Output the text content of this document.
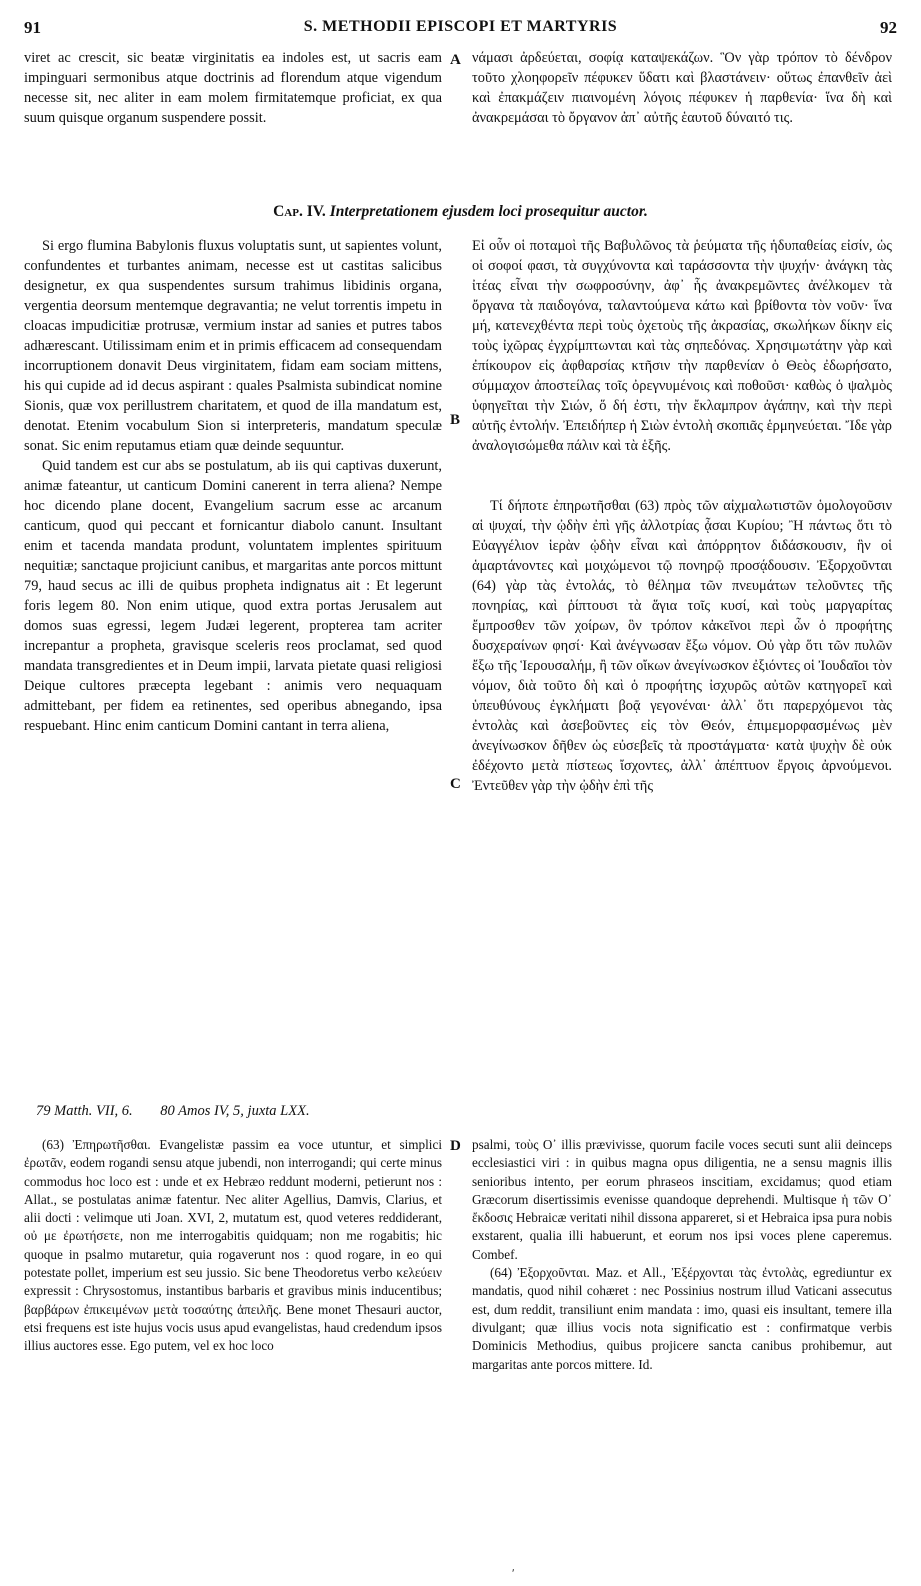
91	S. METHODII EPISCOPI ET MARTYRIS	92

viret ac crescit, sic beatæ virginitatis ea indoles est, ut sacris eam impinguari sermonibus atque doctrinis ad florendum atque vigendum necesse sit, nec aliter in eam molem firmitatemque proficiat, ex qua suum quisque organum suspendere possit.

A νάμασι ἀρδεύεται, σοφίᾳ καταψεκάζων. Ὃν γὰρ τρόπον τὸ δένδρον τοῦτο χλοηφορεῖν πέφυκεν ὕδατι καὶ βλαστάνειν· οὕτως ἐπανθεῖν ἀεὶ καὶ ἐπακμάζειν πιαινομένη λόγοις πέφυκεν ἡ παρθενία· ἵνα δὴ καὶ ἀνακρεμάσαι τὸ ὄργανον ἀπ᾽ αὐτῆς ἑαυτοῦ δύναιτό τις.

Cap. IV. Interpretationem ejusdem loci prosequitur auctor.

Si ergo flumina Babylonis fluxus voluptatis sunt, ut sapientes volunt, confundentes et turbantes animam, necesse est ut castitas salicibus designetur, ex qua suspendentes sursum trahimus libidinis organa, vergentia deorsum mentemque degravantia; ne velut torrentis impetu in cloacas impudicitiæ protrusæ, vermium instar ad sanies et putres tabos adhærescant. Utilissimam enim et in primis efficacem ad consequendam incorruptionem donavit Deus virginitatem, fidam eam sociam mittens, his qui cupide ad id decus aspirant : quales Psalmista subindicat nomine Sionis, quæ vox perillustrem charitatem, et quod de illa mandatum est, denotat. Etenim vocabulum Sion si interpreteris, mandatum speculæ sonat. Sic enim reputamus etiam quæ deinde sequuntur.

Quid tandem est cur abs se postulatum, ab iis qui captivas duxerunt, animæ fateantur, ut canticum Domini canerent in terra aliena? Nempe hoc dicendo plane docent, Evangelium sacrum esse ac arcanum canticum, quod qui peccant et fornicantur diabolo canunt. Insultant enim et tacenda mandata produnt, voluntatem implentes spirituum nequitiæ; sanctaque projiciunt canibus, et margaritas ante porcos mittunt 79, haud secus ac illi de quibus propheta indignatus ait : Et legerunt foris legem 80. Non enim utique, quod extra portas Jerusalem aut domos suas egressi, legem Judæi legerent, propterea tam acriter increpantur a propheta, gravisque sceleris reos proclamat, sed quod mandata transgredientes et in Deum impii, larvata pietate quasi religiosi Deique cultores præcepta legebant : animis vero nequaquam admittebant, per fidem ea retinentes, sed operibus abnegando, ipsa respuebant. Hinc enim canticum Domini cantant in terra aliena,

B
C

Εἰ οὖν οἱ ποταμοὶ τῆς Βαβυλῶνος τὰ ῥεύματα τῆς ἡδυπαθείας εἰσίν, ὡς οἱ σοφοί φασι, τὰ συγχύνοντα καὶ ταράσσοντα τὴν ψυχήν· ἀνάγκη τὰς ἰτέας εἶναι τὴν σωφροσύνην, ἀφ᾽ ἧς ἀνακρεμῶντες ἀνέλκομεν τὰ ὄργανα τὰ παιδογόνα, ταλαντούμενα κάτω καὶ βρίθοντα τὸν νοῦν· ἵνα μή, κατενεχθέντα περὶ τοὺς ὀχετοὺς τῆς ἀκρασίας, σκωλήκων δίκην εἰς τοὺς ἰχῶρας ἐγχρίμπτωνται καὶ τὰς σηπεδόνας. Χρησιμωτάτην γὰρ καὶ ἐπίκουρον εἰς ἀφθαρσίας κτῆσιν τὴν παρθενίαν ὁ Θεὸς ἐδωρήσατο, σύμμαχον ἀποστείλας τοῖς ὀρεγνυμένοις καὶ ποθοῦσι· καθὼς ὁ ψαλμὸς ὑφηγεῖται τὴν Σιών, ὅ δή ἐστι, τὴν ἔκλαμπρον ἀγάπην, καὶ τὴν περὶ αὐτῆς ἐντολήν. Ἐπειδήπερ ἡ Σιὼν ἐντολὴ σκοπιᾶς ἑρμηνεύεται. Ἴδε γὰρ ἀναλογισώμεθα πάλιν καὶ τὰ ἑξῆς.

Τί δήποτε ἐπηρωτῆσθαι (63) πρὸς τῶν αἰχμαλωτιστῶν ὁμολογοῦσιν αἱ ψυχαί, τὴν ᾠδὴν ἐπὶ γῆς ἀλλοτρίας ᾆσαι Κυρίου; Ἢ πάντως ὅτι τὸ Εὐαγγέλιον ἱερὰν ᾠδὴν εἶναι καὶ ἀπόρρητον διδάσκουσιν, ἣν οἱ ἁμαρτάνοντες καὶ μοιχώμενοι τῷ πονηρῷ προσᾴδουσιν. Ἐξορχοῦνται (64) γὰρ τὰς ἐντολάς, τὸ θέλημα τῶν πνευμάτων τελοῦντες τῆς πονηρίας, καὶ ῥίπτουσι τὰ ἅγια τοῖς κυσί, καὶ τοὺς μαργαρίτας ἔμπροσθεν τῶν χοίρων, ὃν τρόπον κἀκεῖνοι περὶ ὧν ὁ προφήτης δυσχεραίνων φησί· Καὶ ἀνέγνωσαν ἔξω νόμον. Οὐ γὰρ ὅτι τῶν πυλῶν ἔξω τῆς Ἱερουσαλήμ, ἢ τῶν οἴκων ἀνεγίνωσκον ἐξιόντες οἱ Ἰουδαῖοι τὸν νόμον, διὰ τοῦτο δὴ καὶ ὁ προφήτης ἰσχυρῶς αὐτῶν κατηγορεῖ καὶ ὑπευθύνους ἐγκλήματι βοᾷ γεγονέναι· ἀλλ᾽ ὅτι παρερχόμενοι τὰς ἐντολὰς καὶ ἀσεβοῦντες εἰς τὸν Θεόν, ἐπιμεμορφασμένως μὲν ἀνεγίνωσκον δῆθεν ὡς εὐσεβεῖς τὰ προστάγματα· κατὰ ψυχὴν δὲ οὐκ ἐδέχοντο μετὰ πίστεως ἴσχοντες, ἀλλ᾽ ἀπέπτυον ἔργοις ἀρνούμενοι. Ἐντεῦθεν γὰρ τὴν ᾠδὴν ἐπὶ τῆς

79 Matth. VII, 6. 80 Amos IV, 5, juxta LXX.

(63) Ἐπηρωτῆσθαι. Evangelistæ passim ea voce utuntur, et simplici ἐρωτᾶν, eodem rogandi sensu atque jubendi, non interrogandi; qui certe minus commodus hoc loco est : unde et ex Hebræo reddunt moderni, petierunt nos : Allat., se postulatas animæ fatentur. Nec aliter Agellius, Damvis, Clarius, et alii docti : velimque uti Joan. XVI, 2, mutatum est, quod veteres reddiderant, οὐ με ἐρωτήσετε, non me interrogabitis quidquam; non me rogabitis; hic quoque in psalmo mutaretur, quia rogaverunt nos : quod rogare, in eo qui potestate pollet, imperium est seu jussio. Sic bene Theodoretus verbo κελεύειν expressit : Chrysostomus, instantibus barbaris et gravibus minis inducentibus; βαρβάρων ἐπικειμένων μετὰ τοσαύτης ἀπειλῆς. Bene monet Thesauri auctor, etsi frequens est iste hujus vocis usus apud evangelistas, haud credendum ipsos illius auctores esse. Ego putem, vel ex hoc loco

D psalmi, τοὺς Ο᾽ illis prævivisse, quorum facile voces secuti sunt alii deinceps ecclesiastici viri : in quibus magna opus diligentia, ne a sensu magnis illis senioribus intento, per eorum phraseos inscitiam, excidamus; quod etiam Græcorum disertissimis evenisse quandoque deprehendi. Multisque ἡ τῶν Ο᾽ ἔκδοσις Hebraicæ veritati nihil dissona appareret, si et Hebraica ipsa pura nobis exstarent, qualia illi habuerunt, et eorum nos ipsi voces plene caperemus. Combef.

(64) Ἐξορχοῦνται. Maz. et All., Ἐξέρχονται τὰς ἐντολὰς, egrediuntur ex mandatis, quod nihil cohæret : nec Possinius nostrum illud Vaticani assecutus est, dum reddit, transiliunt enim mandata : imo, quasi eis insultant, temere illa divulgant; quæ illius vocis nota significatio est : confirmatque verbis Dominicis Methodius, quibus projicere sancta canibus prohibemur, aut margaritas ante porcos mittere. Id.

ʹ
